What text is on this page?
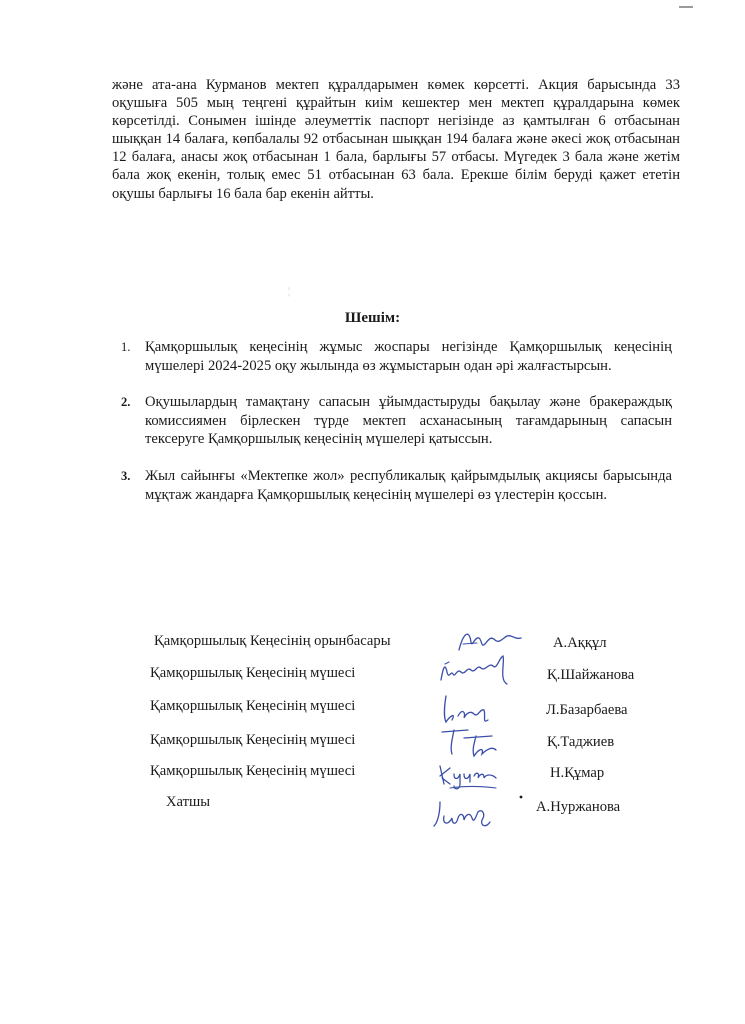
және ата-ана Курманов мектеп құралдарымен көмек көрсетті. Акция барысында 33 оқушыға 505 мың теңгені құрайтын киім кешектер мен мектеп құралдарына көмек көрсетілді. Сонымен ішінде әлеуметтік паспорт негізінде аз қамтылған 6 отбасынан шыққан 14 балаға, көпбалалы 92 отбасынан шыққан 194 балаға және әкесі жоқ отбасынан 12 балаға, анасы жоқ отбасынан 1 бала, барлығы 57 отбасы. Мүгедек 3 бала және жетім бала жоқ екенін, толық емес 51 отбасынан 63 бала. Ерекше білім беруді қажет ететін оқушы барлығы 16 бала бар екенін айтты.

¦
Шешім:
1. Қамқоршылық кеңесінің жұмыс жоспары негізінде Қамқоршылық кеңесінің мүшелері 2024-2025 оқу жылында өз жұмыстарын одан әрі жалғастырсын.
2. Оқушылардың тамақтану сапасын ұйымдастыруды бақылау және бракераждық комиссиямен бірлескен түрде мектеп асханасының тағамдарының сапасын тексеруге Қамқоршылық кеңесінің мүшелері қатыссын.
3. Жыл сайынғы «Мектепке жол» республикалық қайрымдылық акциясы барысында мұқтаж жандарға Қамқоршылық кеңесінің мүшелері өз үлестерін қоссын.
Қамқоршылық Кеңесінің орынбасары	А.Аққұл
Қамқоршылық Кеңесінің мүшесі	Қ.Шайжанова
Қамқоршылық Кеңесінің мүшесі	Л.Базарбаева
Қамқоршылық Кеңесінің мүшесі	Қ.Таджиев
Қамқоршылық Кеңесінің мүшесі	Н.Құмар
Хатшы	А.Нуржанова
